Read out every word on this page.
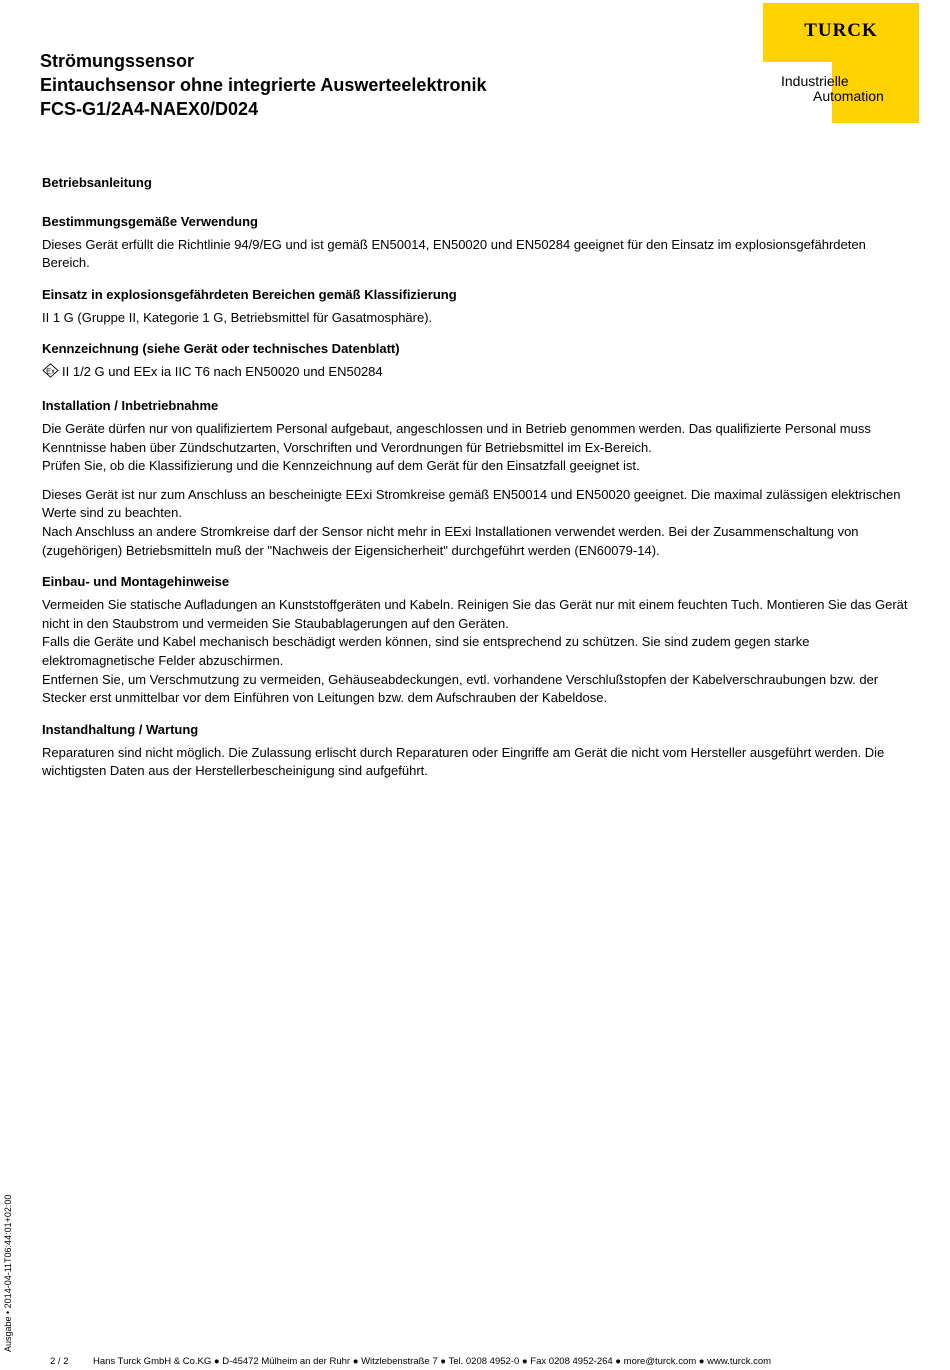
Strömungssensor
Eintauchsensor ohne integrierte Auswerteelektronik
FCS-G1/2A4-NAEX0/D024
TURCK
Industrielle
Automation
Betriebsanleitung
Bestimmungsgemäße Verwendung

Dieses Gerät erfüllt die Richtlinie 94/9/EG und ist gemäß EN50014, EN50020 und EN50284 geeignet für den Einsatz im explosionsgefährdeten Bereich.

Einsatz in explosionsgefährdeten Bereichen gemäß Klassifizierung

II 1 G (Gruppe II, Kategorie 1 G, Betriebsmittel für Gasatmosphäre).

Kennzeichnung (siehe Gerät oder technisches Datenblatt)

Ex II 1/2 G und EEx ia IIC T6 nach EN50020 und EN50284

Installation / Inbetriebnahme

Die Geräte dürfen nur von qualifiziertem Personal aufgebaut, angeschlossen und in Betrieb genommen werden. Das qualifizierte Personal muss Kenntnisse haben über Zündschutzarten, Vorschriften und Verordnungen für Betriebsmittel im Ex-Bereich.

Prüfen Sie, ob die Klassifizierung und die Kennzeichnung auf dem Gerät für den Einsatzfall geeignet ist.

Dieses Gerät ist nur zum Anschluss an bescheinigte EExi Stromkreise gemäß EN50014 und EN50020 geeignet. Die maximal zulässigen elektrischen Werte sind zu beachten.

Nach Anschluss an andere Stromkreise darf der Sensor nicht mehr in EExi Installationen verwendet werden. Bei der Zusammenschaltung von (zugehörigen) Betriebsmitteln muß der "Nachweis der Eigensicherheit" durchgeführt werden (EN60079-14).

Einbau- und Montagehinweise

Vermeiden Sie statische Aufladungen an Kunststoffgeräten und Kabeln. Reinigen Sie das Gerät nur mit einem feuchten Tuch. Montieren Sie das Gerät nicht in den Staubstrom und vermeiden Sie Staubablagerungen auf den Geräten.

Falls die Geräte und Kabel mechanisch beschädigt werden können, sind sie entsprechend zu schützen. Sie sind zudem gegen starke elektromagnetische Felder abzuschirmen.

Entfernen Sie, um Verschmutzung zu vermeiden, Gehäuseabdeckungen, evtl. vorhandene Verschlußstopfen der Kabelverschraubungen bzw. der Stecker erst unmittelbar vor dem Einführen von Leitungen bzw. dem Aufschrauben der Kabeldose.

Instandhaltung / Wartung

Reparaturen sind nicht möglich. Die Zulassung erlischt durch Reparaturen oder Eingriffe am Gerät die nicht vom Hersteller ausgeführt werden. Die wichtigsten Daten aus der Herstellerbescheinigung sind aufgeführt.

Ausgabe • 2014-04-11T06:44:01+02:00
2 / 2	Hans Turck GmbH & Co.KG ● D-45472 Mülheim an der Ruhr ● Witzlebenstraße 7 ● Tel. 0208 4952-0 ● Fax 0208 4952-264 ● more@turck.com ● www.turck.com
